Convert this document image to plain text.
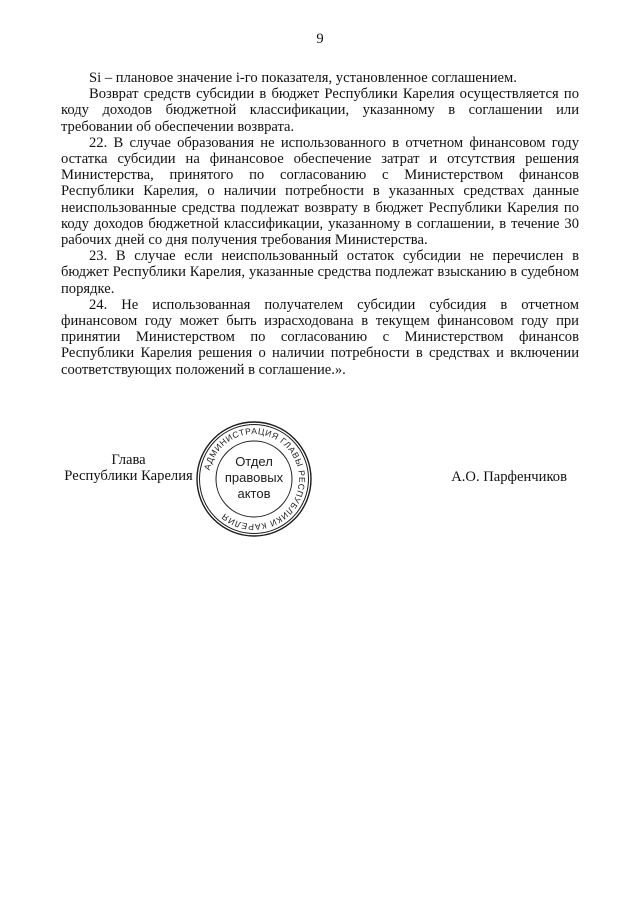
9

Si – плановое значение i-го показателя, установленное соглашением.

Возврат средств субсидии в бюджет Республики Карелия осуществляется по коду доходов бюджетной классификации, указанному в соглашении или требовании об обеспечении возврата.

22. В случае образования не использованного в отчетном финансовом году остатка субсидии на финансовое обеспечение затрат и отсутствия решения Министерства, принятого по согласованию с Министерством финансов Республики Карелия, о наличии потребности в указанных средствах данные неиспользованные средства подлежат возврату в бюджет Республики Карелия по коду доходов бюджетной классификации, указанному в соглашении, в течение 30 рабочих дней со дня получения требования Министерства.

23. В случае если неиспользованный остаток субсидии не перечислен в бюджет Республики Карелия, указанные средства подлежат взысканию в судебном порядке.

24. Не использованная получателем субсидии субсидия в отчетном финансовом году может быть израсходована в текущем финансовом году при принятии Министерством по согласованию с Министерством финансов Республики Карелия решения о наличии потребности в средствах и включении соответствующих положений в соглашение.».

Глава
Республики Карелия
АДМИНИСТРАЦИЯ ГЛАВЫ РЕСПУБЛИКИ КАРЕЛИЯ
Отдел
правовых
актов
А.О. Парфенчиков
